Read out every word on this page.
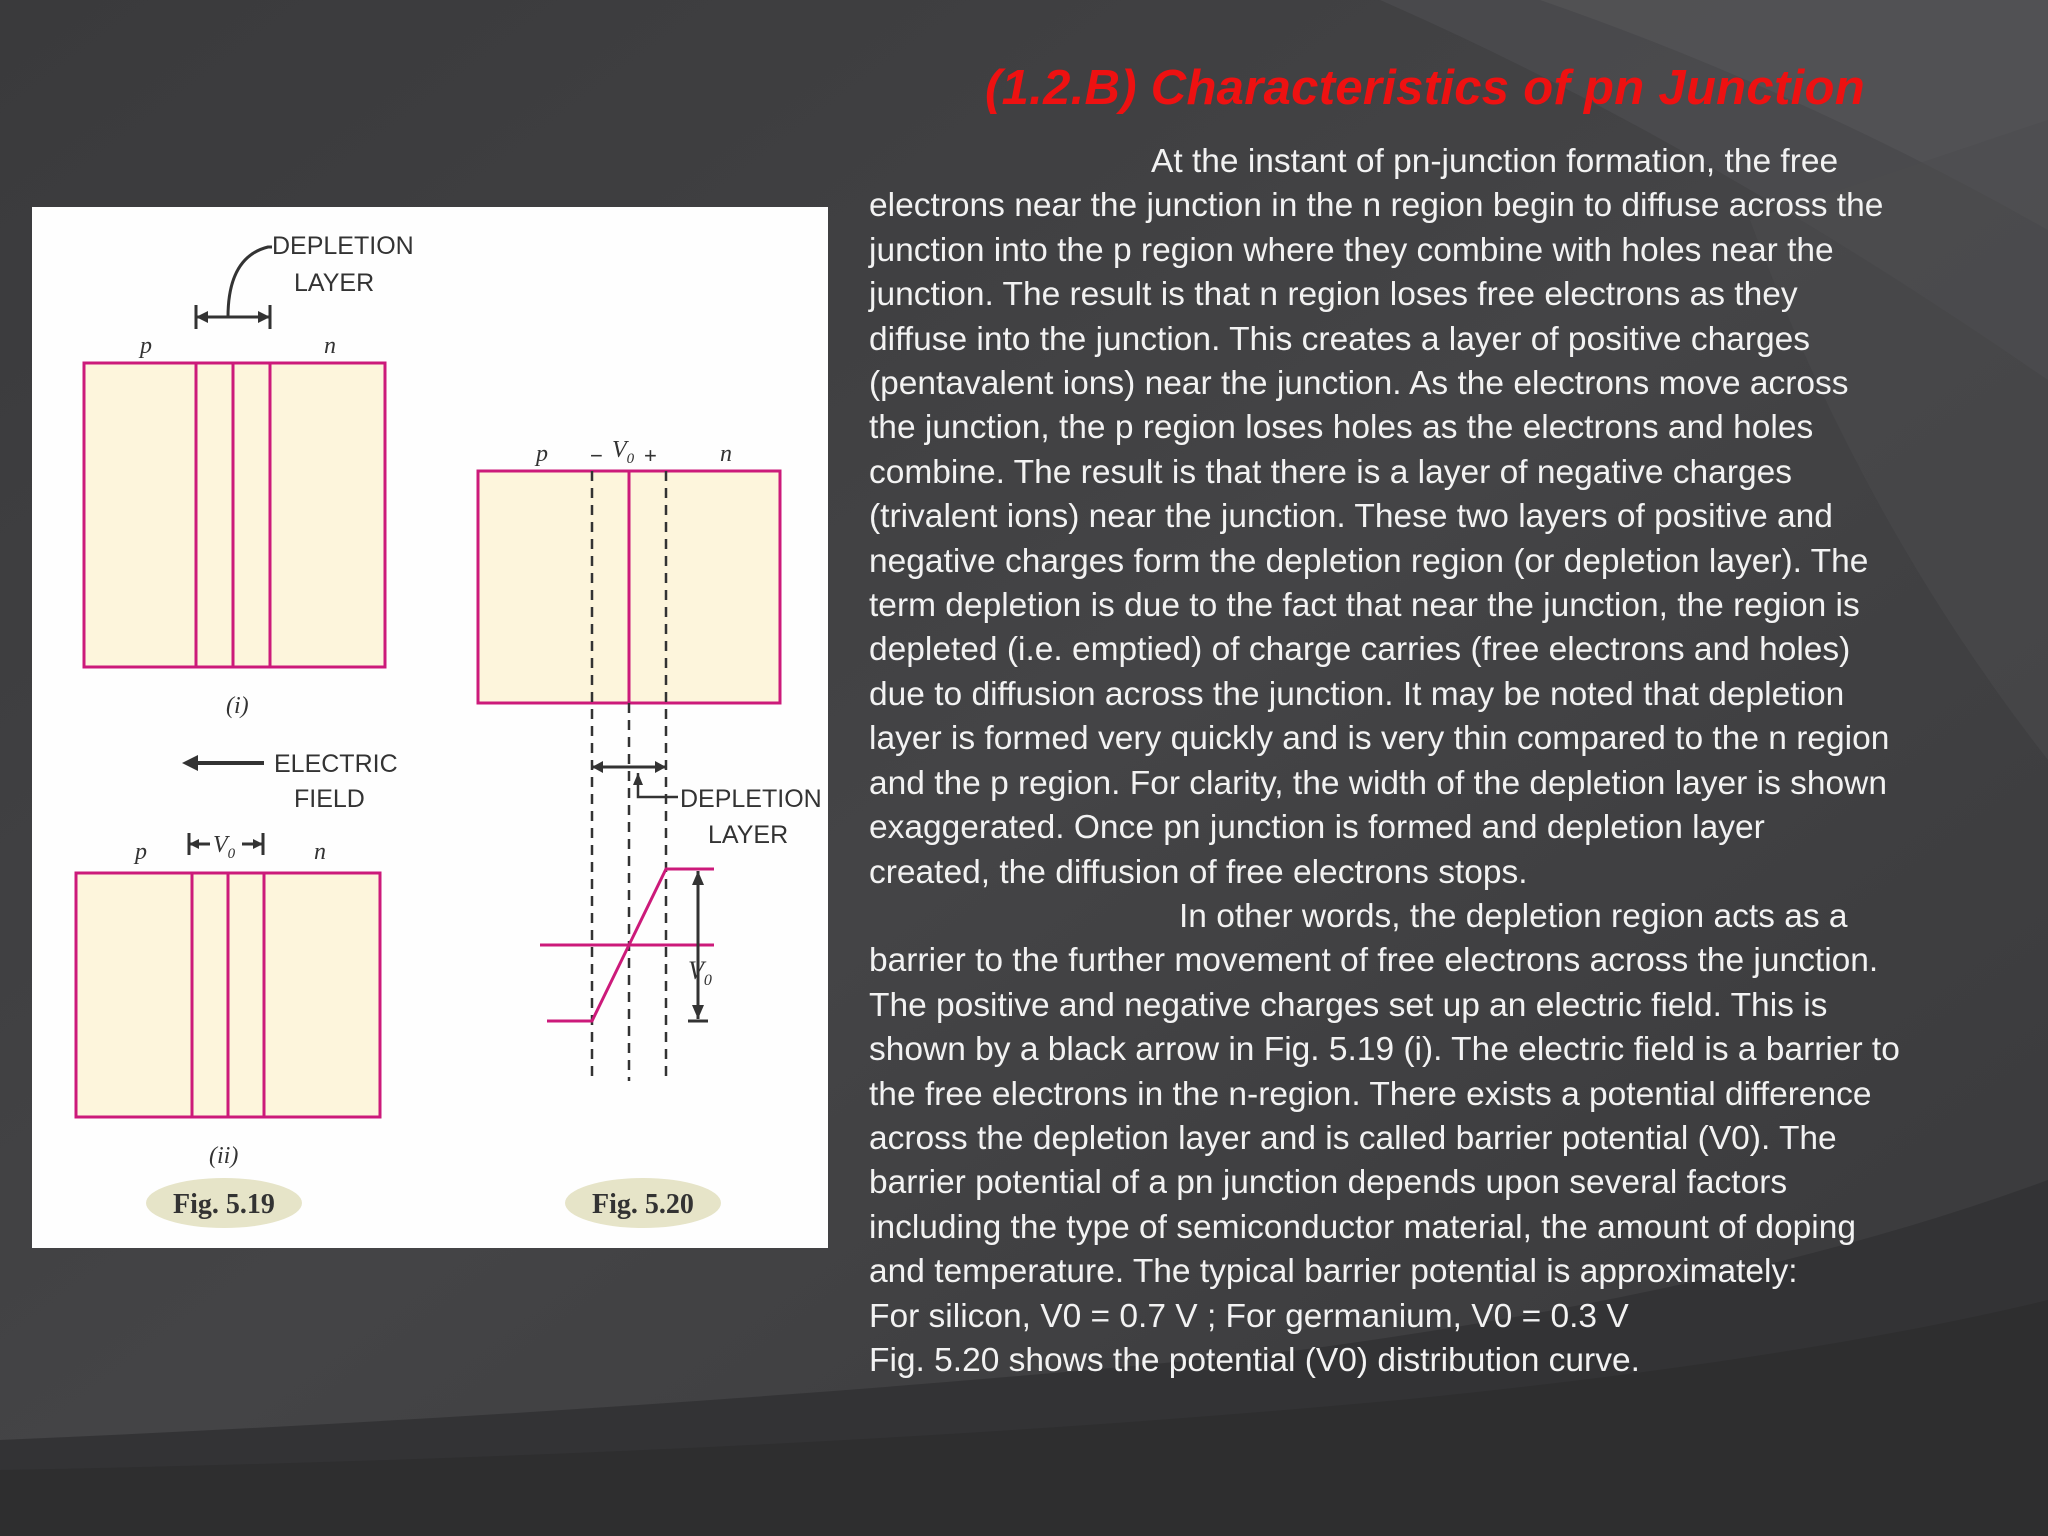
(1.2.B) Characteristics of pn Junction
At the instant of pn-junction formation, the free
electrons near the junction in the n region begin to diffuse across the
junction into the p region where they combine with holes near the
junction. The result is that n region loses free electrons as they
diffuse into the junction. This creates a layer of positive charges
(pentavalent ions) near the junction. As the electrons move across
the junction, the p region loses holes as the electrons and holes
combine. The result is that there is a layer of negative charges
(trivalent ions) near the junction. These two layers of positive and
negative charges form the depletion region (or depletion layer). The
term depletion is due to the fact that near the junction, the region is
depleted (i.e. emptied) of charge carries (free electrons and holes)
due to diffusion across the junction. It may be noted that depletion
layer is formed very quickly and is very thin compared to the n region
and the p region. For clarity, the width of the depletion layer is shown
exaggerated. Once pn junction is formed and depletion layer
created, the diffusion of free electrons stops.
In other words, the depletion region acts as a
barrier to the further movement of free electrons across the junction.
The positive and negative charges set up an electric field. This is
shown by a black arrow in Fig. 5.19 (i). The electric field is a barrier to
the free electrons in the n-region. There exists a potential difference
across the depletion layer and is called barrier potential (V0). The
barrier potential of a pn junction depends upon several factors
including the type of semiconductor material, the amount of doping
and temperature. The typical barrier potential is approximately:
For silicon, V0 = 0.7 V ; For germanium, V0 = 0.3 V
Fig. 5.20 shows the potential (V0) distribution curve.
DEPLETION
LAYER
p	n
(i)
ELECTRIC
FIELD
$V_0$
p	n
(ii)
Fig. 5.19
$p - V_0$ +	n
DEPLETION
LAYER
$V_0$
Fig. 5.20
